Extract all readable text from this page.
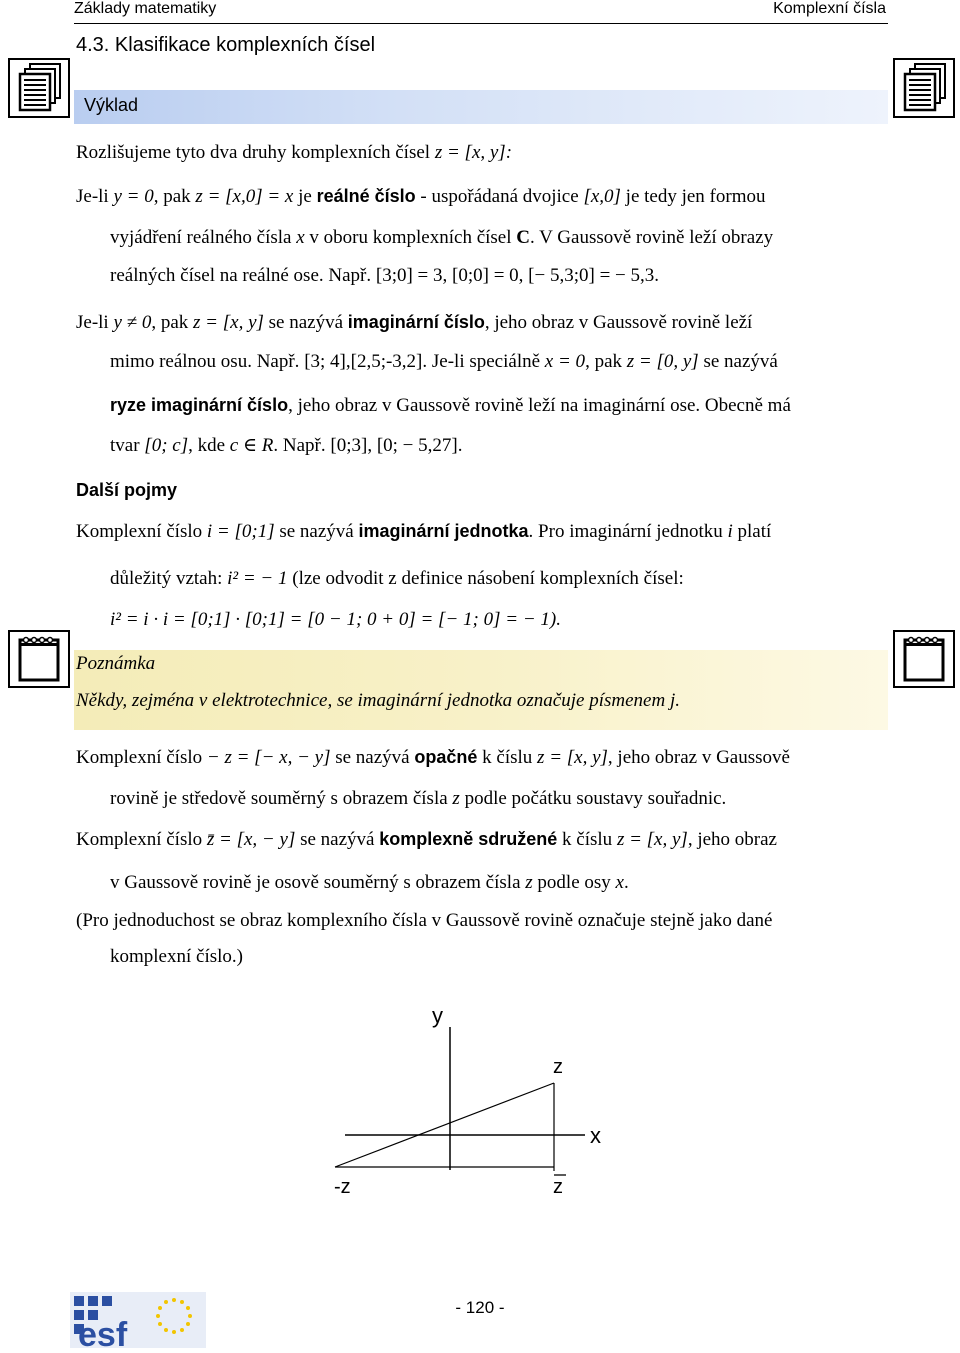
Základy matematiky	Komplexní čísla
4.3. Klasifikace komplexních čísel
Výklad
Rozlišujeme tyto dva druhy komplexních čísel z = [x, y]:
Je-li y = 0, pak z = [x,0] = x je reálné číslo - uspořádaná dvojice [x,0] je tedy jen formou
vyjádření reálného čísla x v oboru komplexních čísel C. V Gaussově rovině leží obrazy
reálných čísel na reálné ose. Např. [3;0] = 3, [0;0] = 0, [− 5,3;0] = − 5,3.
Je-li y ≠ 0, pak z = [x, y] se nazývá imaginární číslo, jeho obraz v Gaussově rovině leží
mimo reálnou osu. Např. [3; 4],[2,5;-3,2]. Je-li speciálně x = 0, pak z = [0, y] se nazývá
ryze imaginární číslo, jeho obraz v Gaussově rovině leží na imaginární ose. Obecně má
tvar [0; c], kde c ∈ R. Např. [0;3], [0; − 5,27].
Další pojmy
Komplexní číslo i = [0;1] se nazývá imaginární jednotka. Pro imaginární jednotku i platí
důležitý vztah: i² = − 1 (lze odvodit z definice násobení komplexních čísel:
i² = i · i = [0;1] · [0;1] = [0 − 1; 0 + 0] = [− 1; 0] = − 1).
Poznámka
Někdy, zejména v elektrotechnice, se imaginární jednotka označuje písmenem j.
Komplexní číslo − z = [− x, − y] se nazývá opačné k číslu z = [x, y], jeho obraz v Gaussově
rovině je středově souměrný s obrazem čísla z podle počátku soustavy souřadnic.
Komplexní číslo z̄ = [x, − y] se nazývá komplexně sdružené k číslu z = [x, y], jeho obraz
v Gaussově rovině je osově souměrný s obrazem čísla z podle osy x.
(Pro jednoduchost se obraz komplexního čísla v Gaussově rovině označuje stejně jako dané
komplexní číslo.)
y
x
z
-z	z
esf
- 120 -
